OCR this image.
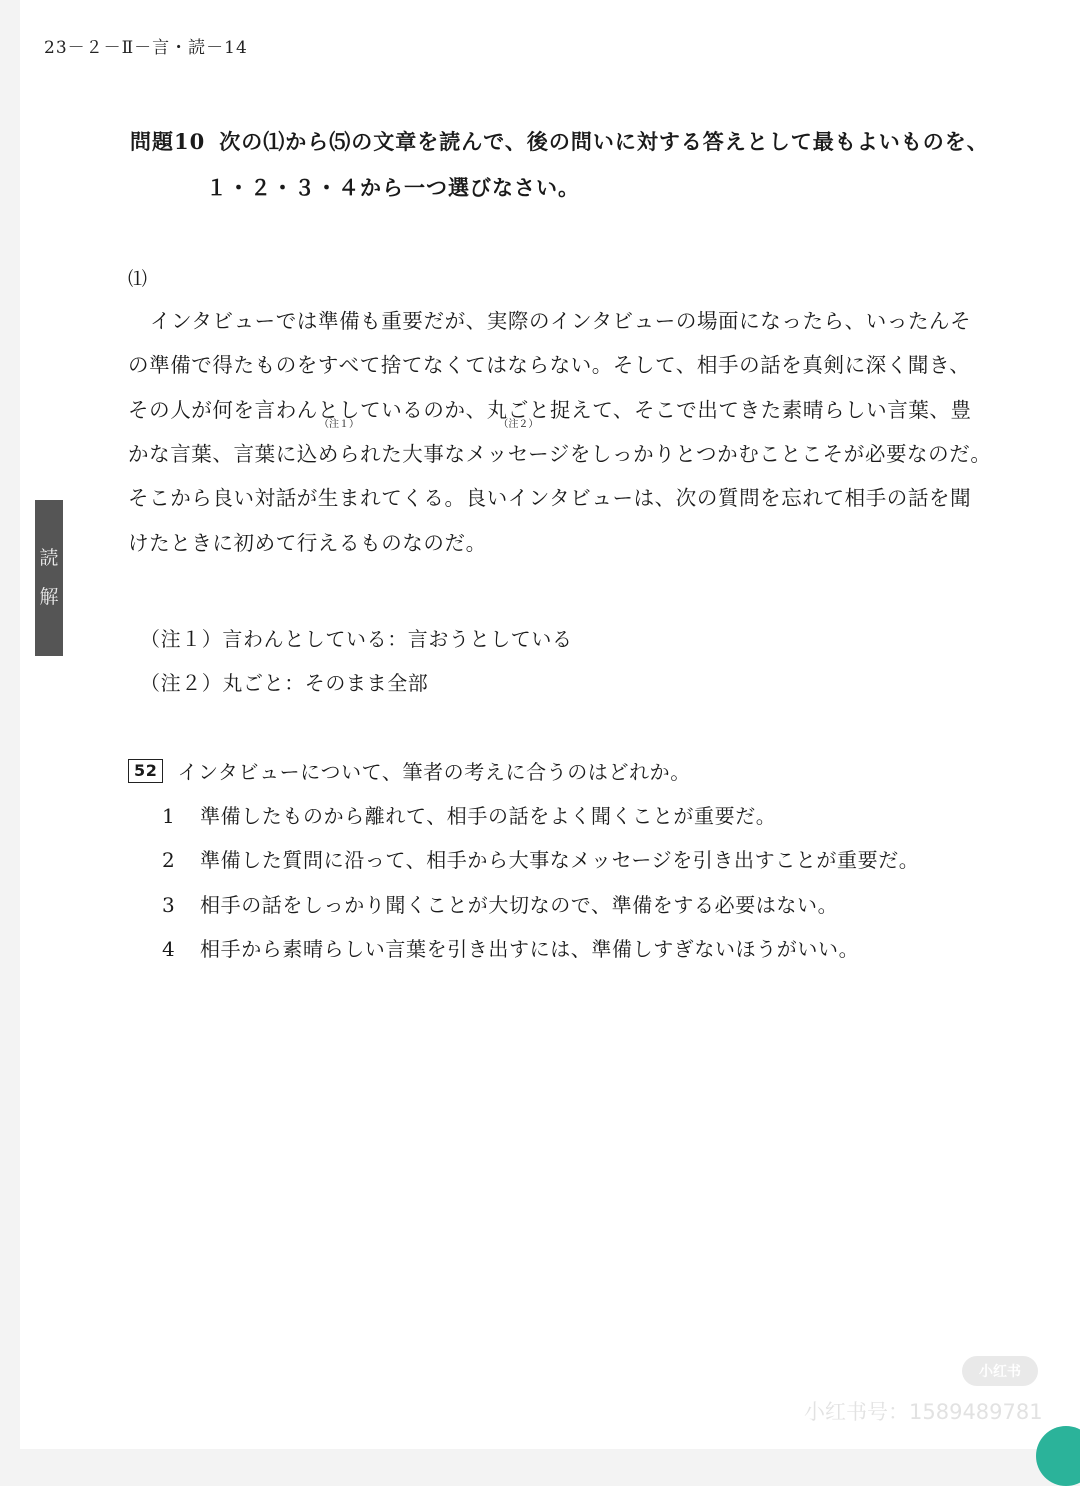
23－２－Ⅱ－言・読－14
読
解
問題10 次の⑴から⑸の文章を読んで、後の問いに対する答えとして最もよいものを、
１・２・３・４から一つ選びなさい。
⑴
インタビューでは準備も重要だが、実際のインタビューの場面になったら、いったんそ
の準備で得たものをすべて捨てなくてはならない。そして、相手の話を真剣に深く聞き、
その人が何を言わんとしている
（注１）
のか、丸ごと
（注２）
捉えて、そこで出てきた素晴らしい言葉、豊
かな言葉、言葉に込められた大事なメッセージをしっかりとつかむことこそが必要なのだ。
そこから良い対話が生まれてくる。良いインタビューは、次の質問を忘れて相手の話を聞
けたときに初めて行えるものなのだ。
（注１）言わんとしている：言おうとしている
（注２）丸ごと：そのまま全部
52	インタビューについて、筆者の考えに合うのはどれか。
1 準備したものから離れて、相手の話をよく聞くことが重要だ。
2 準備した質問に沿って、相手から大事なメッセージを引き出すことが重要だ。
3 相手の話をしっかり聞くことが大切なので、準備をする必要はない。
4 相手から素晴らしい言葉を引き出すには、準備しすぎないほうがいい。
小红书
小红书号：1589489781
